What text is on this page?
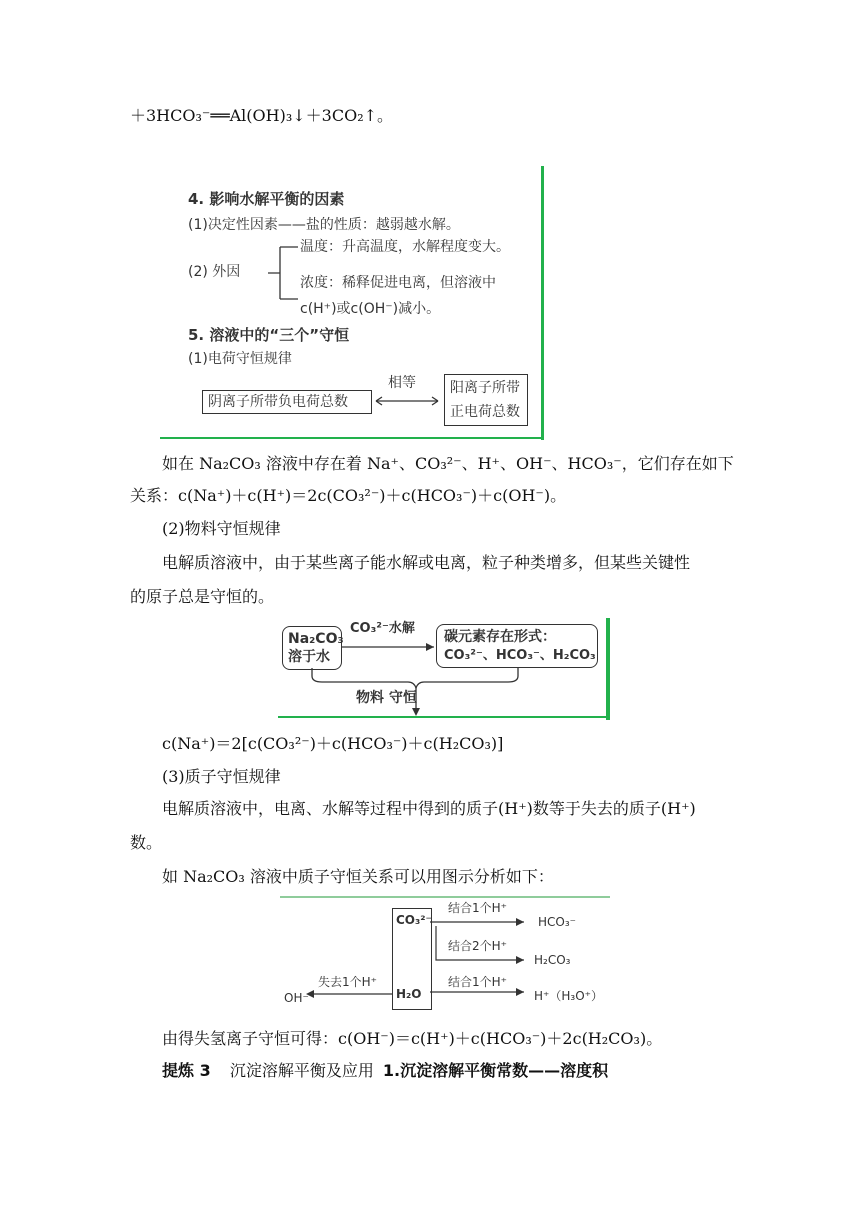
＋3HCO₃⁻══Al(OH)₃↓＋3CO₂↑。
4. 影响水解平衡的因素
(1)决定性因素——盐的性质：越弱越水解。
(2) 外因
温度：升高温度，水解程度变大。
浓度：稀释促进电离，但溶液中
c(H⁺)或c(OH⁻)减小。
5. 溶液中的“三个”守恒
(1)电荷守恒规律
阴离子所带负电荷总数
相等 阳离子所带
正电荷总数
如在 Na₂CO₃ 溶液中存在着 Na⁺、CO₃²⁻、H⁺、OH⁻、HCO₃⁻，它们存在如下
关系：c(Na⁺)＋c(H⁺)＝2c(CO₃²⁻)＋c(HCO₃⁻)＋c(OH⁻)。
(2)物料守恒规律
电解质溶液中，由于某些离子能水解或电离，粒子种类增多，但某些关键性
的原子总是守恒的。
Na₂CO₃
溶于水
CO₃²⁻水解
碳元素存在形式：
CO₃²⁻、HCO₃⁻、H₂CO₃
物料 守恒
c(Na⁺)＝2[c(CO₃²⁻)＋c(HCO₃⁻)＋c(H₂CO₃)]
(3)质子守恒规律
电解质溶液中，电离、水解等过程中得到的质子(H⁺)数等于失去的质子(H⁺)
数。
如 Na₂CO₃ 溶液中质子守恒关系可以用图示分析如下：
CO₃²⁻
H₂O
结合1个H⁺
HCO₃⁻
结合2个H⁺
H₂CO₃
结合1个H⁺
H⁺（H₃O⁺）
失去1个H⁺
OH⁻
由得失氢离子守恒可得：c(OH⁻)＝c(H⁺)＋c(HCO₃⁻)＋2c(H₂CO₃)。
提炼 3 沉淀溶解平衡及应用 1.沉淀溶解平衡常数——溶度积
